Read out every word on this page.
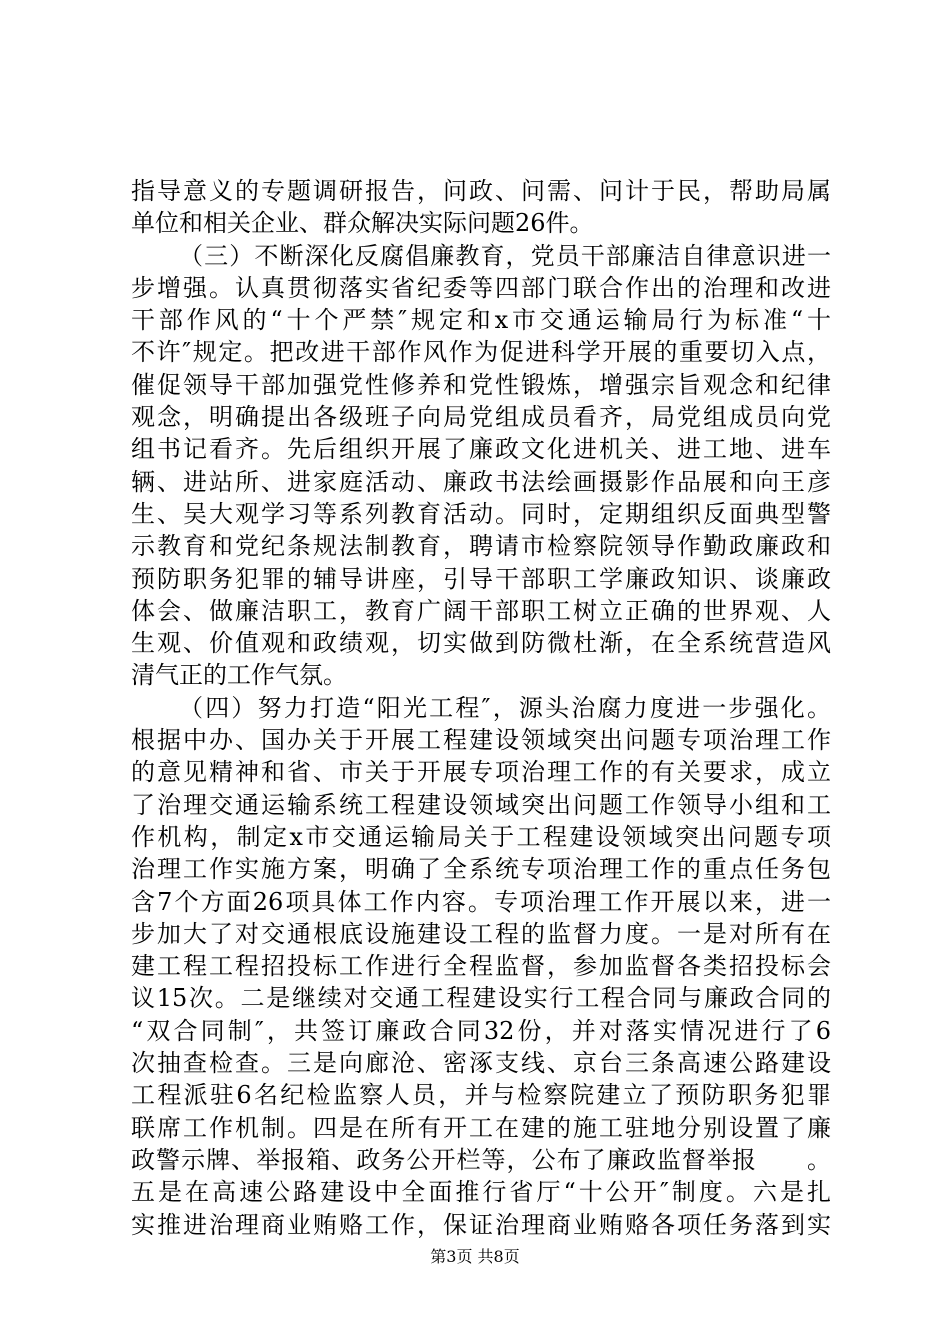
指导意义的专题调研报告，问政、问需、问计于民，帮助局属
单位和相关企业、群众解决实际问题26件。
（三）不断深化反腐倡廉教育，党员干部廉洁自律意识进一
步增强。认真贯彻落实省纪委等四部门联合作出的治理和改进
干部作风的“十个严禁″规定和x市交通运输局行为标准“十
不许″规定。把改进干部作风作为促进科学开展的重要切入点，
催促领导干部加强党性修养和党性锻炼，增强宗旨观念和纪律
观念，明确提出各级班子向局党组成员看齐，局党组成员向党
组书记看齐。先后组织开展了廉政文化进机关、进工地、进车
辆、进站所、进家庭活动、廉政书法绘画摄影作品展和向王彦
生、吴大观学习等系列教育活动。同时，定期组织反面典型警
示教育和党纪条规法制教育，聘请市检察院领导作勤政廉政和
预防职务犯罪的辅导讲座，引导干部职工学廉政知识、谈廉政
体会、做廉洁职工，教育广阔干部职工树立正确的世界观、人
生观、价值观和政绩观，切实做到防微杜渐，在全系统营造风
清气正的工作气氛。
（四）努力打造“阳光工程″，源头治腐力度进一步强化。
根据中办、国办关于开展工程建设领域突出问题专项治理工作
的意见精神和省、市关于开展专项治理工作的有关要求，成立
了治理交通运输系统工程建设领域突出问题工作领导小组和工
作机构，制定x市交通运输局关于工程建设领域突出问题专项
治理工作实施方案，明确了全系统专项治理工作的重点任务包
含7个方面26项具体工作内容。专项治理工作开展以来，进一
步加大了对交通根底设施建设工程的监督力度。一是对所有在
建工程工程招投标工作进行全程监督，参加监督各类招投标会
议15次。二是继续对交通工程建设实行工程合同与廉政合同的
“双合同制″，共签订廉政合同32份，并对落实情况进行了6
次抽查检查。三是向廊沧、密涿支线、京台三条高速公路建设
工程派驻6名纪检监察人员，并与检察院建立了预防职务犯罪
联席工作机制。四是在所有开工在建的施工驻地分别设置了廉
政警示牌、举报箱、政务公开栏等，公布了廉政监督举报　　。
五是在高速公路建设中全面推行省厅“十公开″制度。六是扎
实推进治理商业贿赂工作，保证治理商业贿赂各项任务落到实
第3页 共8页
